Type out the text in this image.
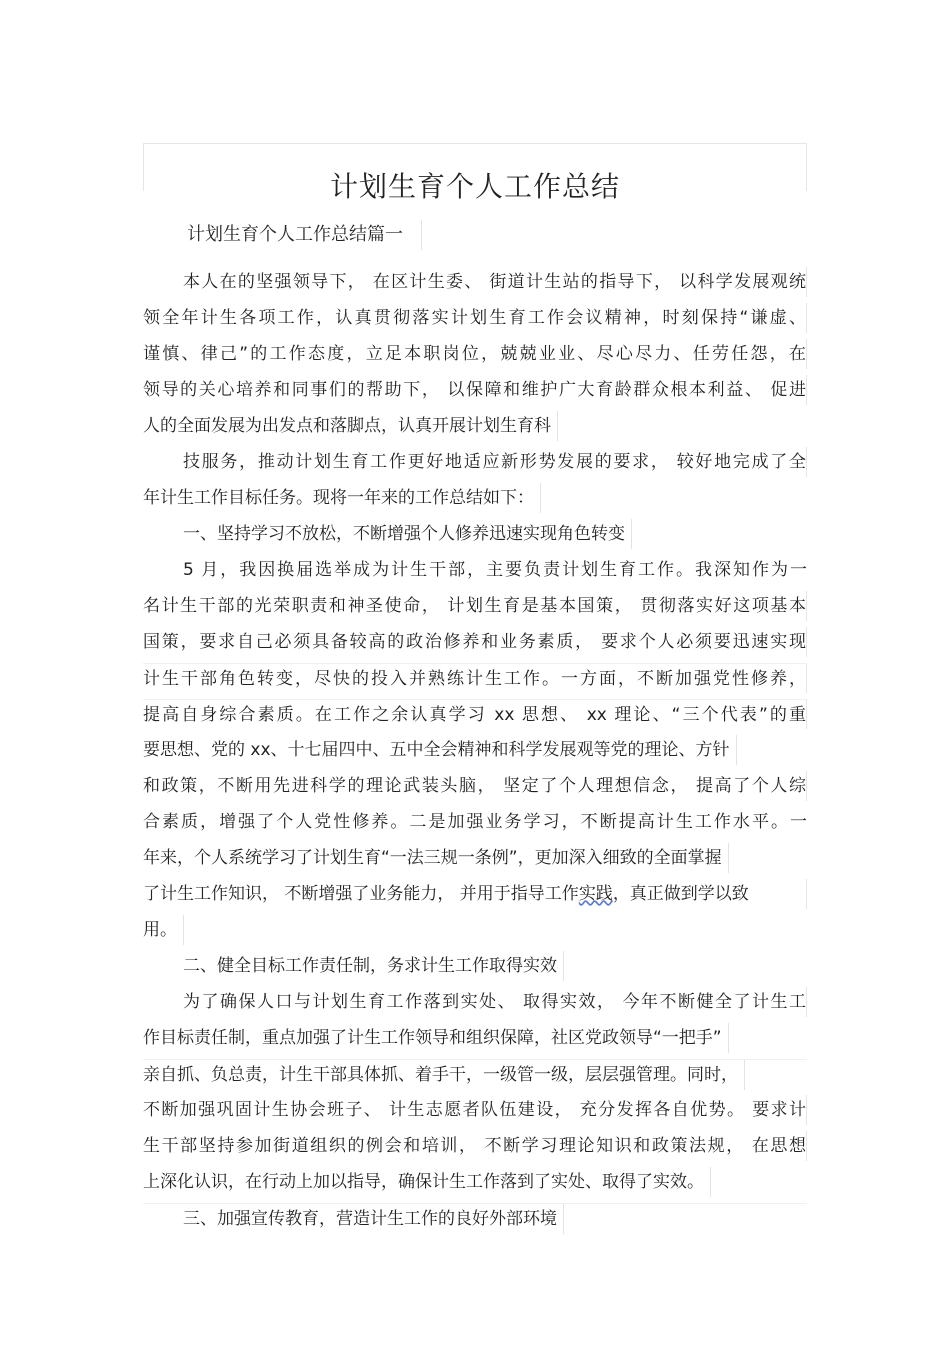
计划生育个人工作总结
计划生育个人工作总结篇一
本人在的坚强领导下， 在区计生委、 街道计生站的指导下， 以科学发展观统
领全年计生各项工作，认真贯彻落实计划生育工作会议精神，时刻保持“谦虚、
谨慎、律己”的工作态度，立足本职岗位，兢兢业业、尽心尽力、任劳任怨，在
领导的关心培养和同事们的帮助下， 以保障和维护广大育龄群众根本利益、 促进
人的全面发展为出发点和落脚点，认真开展计划生育科
技服务，推动计划生育工作更好地适应新形势发展的要求， 较好地完成了全
年计生工作目标任务。现将一年来的工作总结如下：
一、坚持学习不放松，不断增强个人修养迅速实现角色转变
5 月，我因换届选举成为计生干部，主要负责计划生育工作。我深知作为一
名计生干部的光荣职责和神圣使命， 计划生育是基本国策， 贯彻落实好这项基本
国策，要求自己必须具备较高的政治修养和业务素质， 要求个人必须要迅速实现
计生干部角色转变，尽快的投入并熟练计生工作。一方面，不断加强党性修养，
提高自身综合素质。在工作之余认真学习 xx 思想、 xx 理论、“三个代表”的重
要思想、党的 xx、十七届四中、五中全会精神和科学发展观等党的理论、方针
和政策，不断用先进科学的理论武装头脑， 坚定了个人理想信念， 提高了个人综
合素质，增强了个人党性修养。二是加强业务学习，不断提高计生工作水平。一
年来，个人系统学习了计划生育“一法三规一条例”，更加深入细致的全面掌握
了计生工作知识， 不断增强了业务能力， 并用于指导工作实践，真正做到学以致
用。
二、健全目标工作责任制，务求计生工作取得实效
为了确保人口与计划生育工作落到实处、 取得实效， 今年不断健全了计生工
作目标责任制，重点加强了计生工作领导和组织保障，社区党政领导“一把手”
亲自抓、负总责，计生干部具体抓、着手干，一级管一级，层层强管理。同时，
不断加强巩固计生协会班子、 计生志愿者队伍建设， 充分发挥各自优势。 要求计
生干部坚持参加街道组织的例会和培训， 不断学习理论知识和政策法规， 在思想
上深化认识，在行动上加以指导，确保计生工作落到了实处、取得了实效。
三、加强宣传教育，营造计生工作的良好外部环境
